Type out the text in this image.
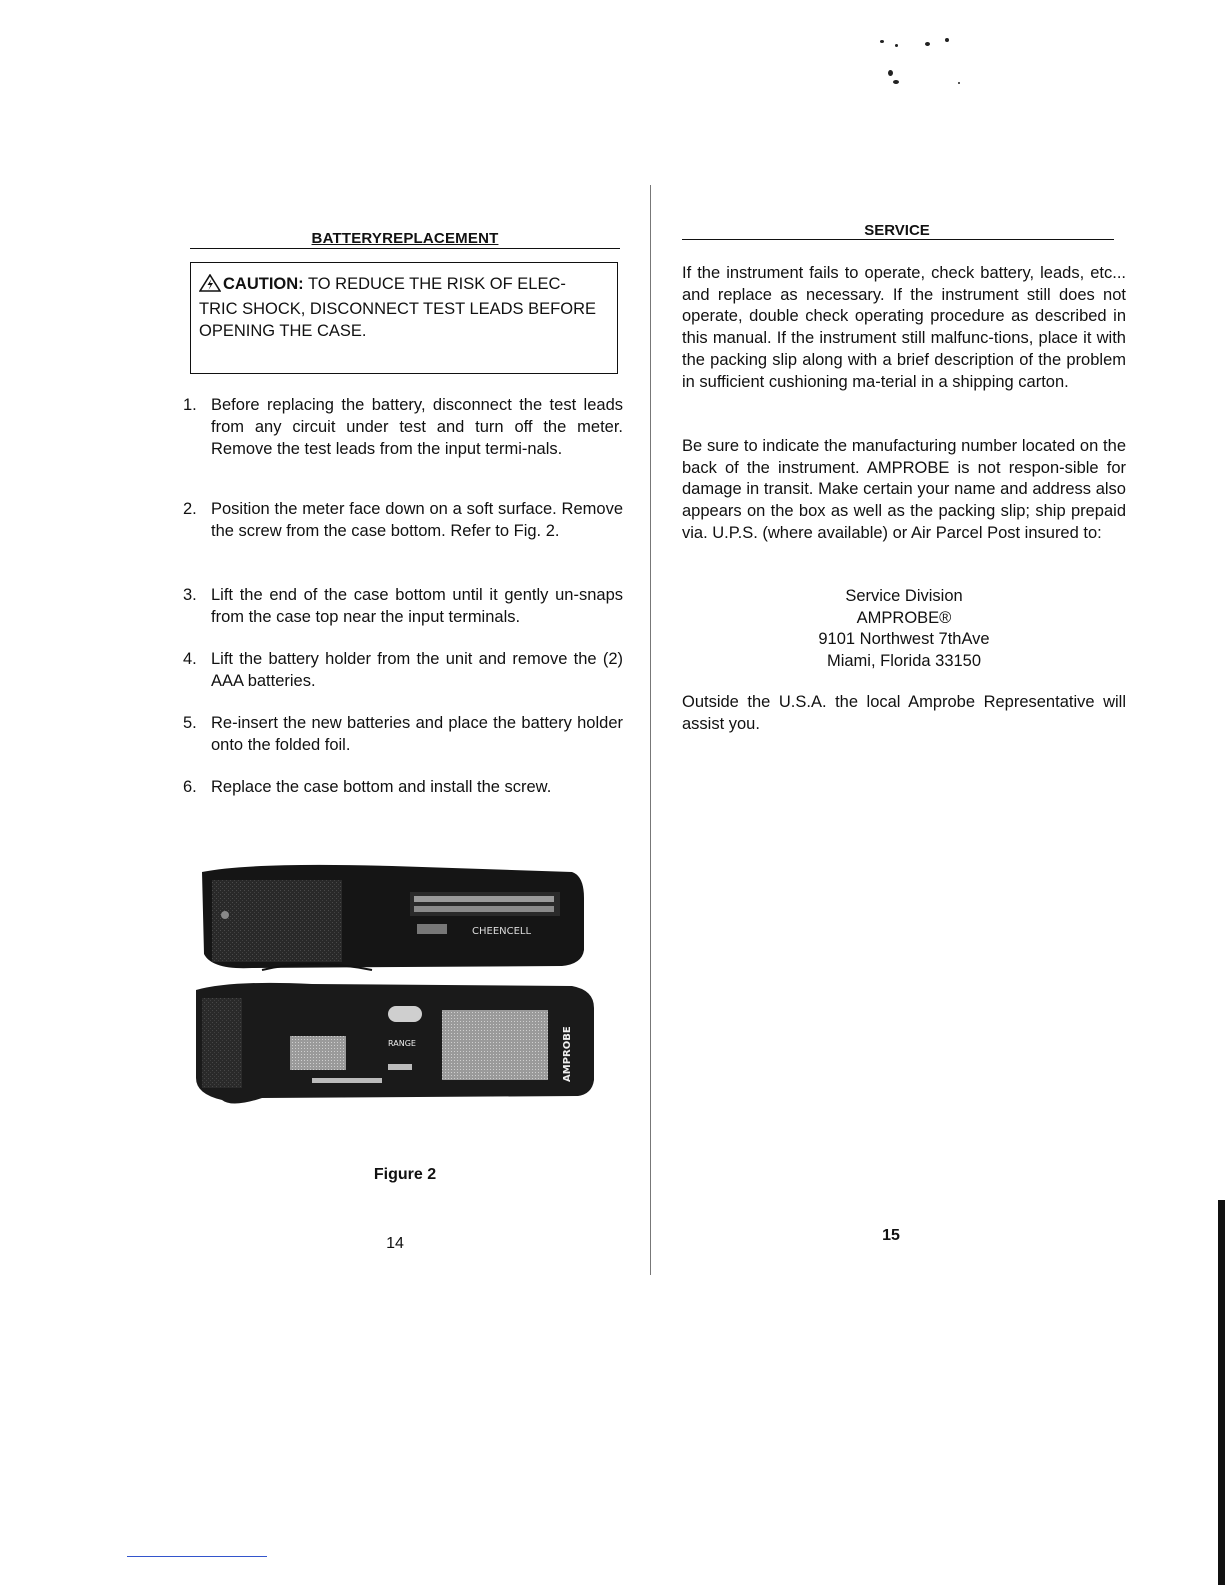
BATTERYREPLACEMENT
CAUTION: TO REDUCE THE RISK OF ELEC-
TRIC SHOCK, DISCONNECT TEST LEADS BEFORE
OPENING THE CASE.
1. Before replacing the battery, disconnect the test leads from any circuit under test and turn off the meter. Remove the test leads from the input termi-nals.
2. Position the meter face down on a soft surface. Remove the screw from the case bottom. Refer to Fig. 2.
3. Lift the end of the case bottom until it gently un-snaps from the case top near the input terminals.
4. Lift the battery holder from the unit and remove the (2) AAA batteries.
5. Re-insert the new batteries and place the battery holder onto the folded foil.
6. Replace the case bottom and install the screw.
CHEENCELL
RANGE	AMPROBE
Figure 2
14
SERVICE
If the instrument fails to operate, check battery, leads, etc... and replace as necessary. If the instrument still does not operate, double check operating procedure as described in this manual. If the instrument still malfunc-tions, place it with the packing slip along with a brief description of the problem in sufficient cushioning ma-terial in a shipping carton.
Be sure to indicate the manufacturing number located on the back of the instrument. AMPROBE is not respon-sible for damage in transit. Make certain your name and address also appears on the box as well as the packing slip; ship prepaid via. U.P.S. (where available) or Air Parcel Post insured to:
Service Division
AMPROBE®
9101 Northwest 7thAve
Miami, Florida 33150
Outside the U.S.A. the local Amprobe Representative will assist you.
15
